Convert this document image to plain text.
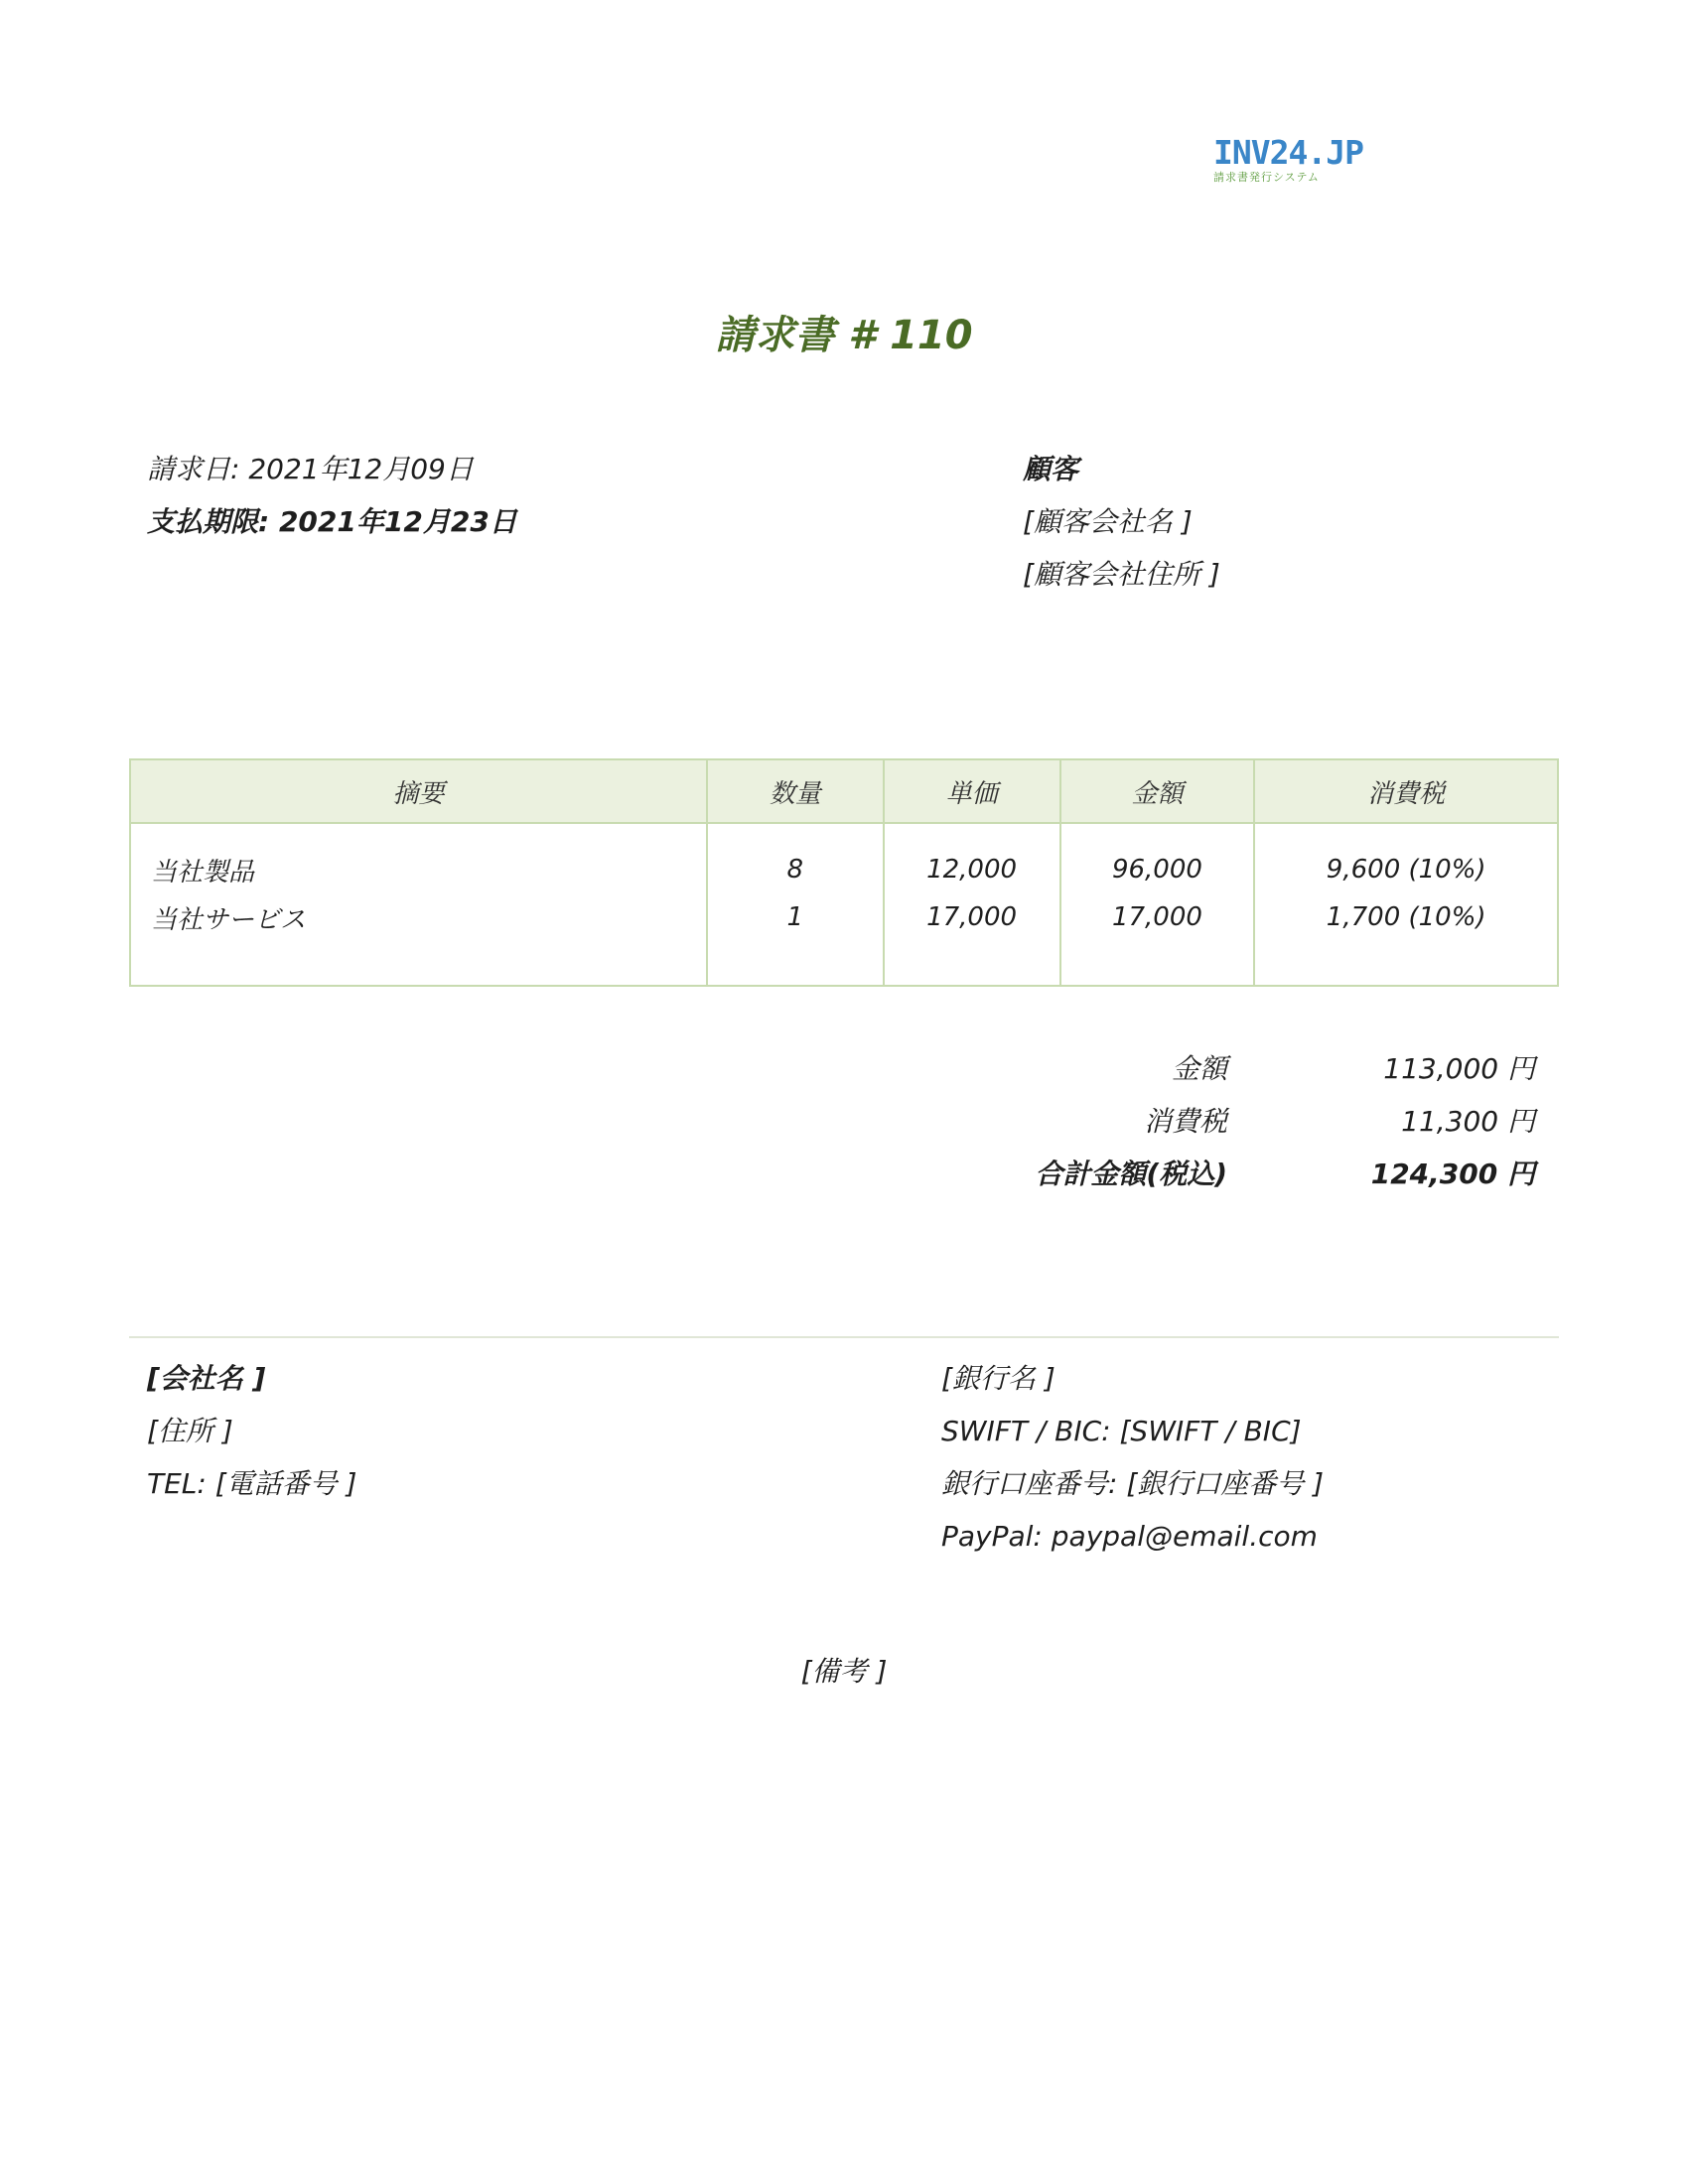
INV24.JP
請求書発行システム
請求書 # 110
請求日: 2021年12月09日
支払期限: 2021年12月23日
顧客
[顧客会社名 ]
[顧客会社住所 ]
摘要	数量	単価	金額	消費税
当社製品	8	12,000	96,000	9,600 (10%)
当社サービス	1	17,000	17,000	1,700 (10%)

金額	113,000 円
消費税	11,300 円
合計金額(税込)	124,300 円
[会社名 ]
[住所 ]
TEL: [電話番号 ]
[銀行名 ]
SWIFT / BIC: [SWIFT / BIC]
銀行口座番号: [銀行口座番号 ]
PayPal: paypal@email.com
[備考 ]
